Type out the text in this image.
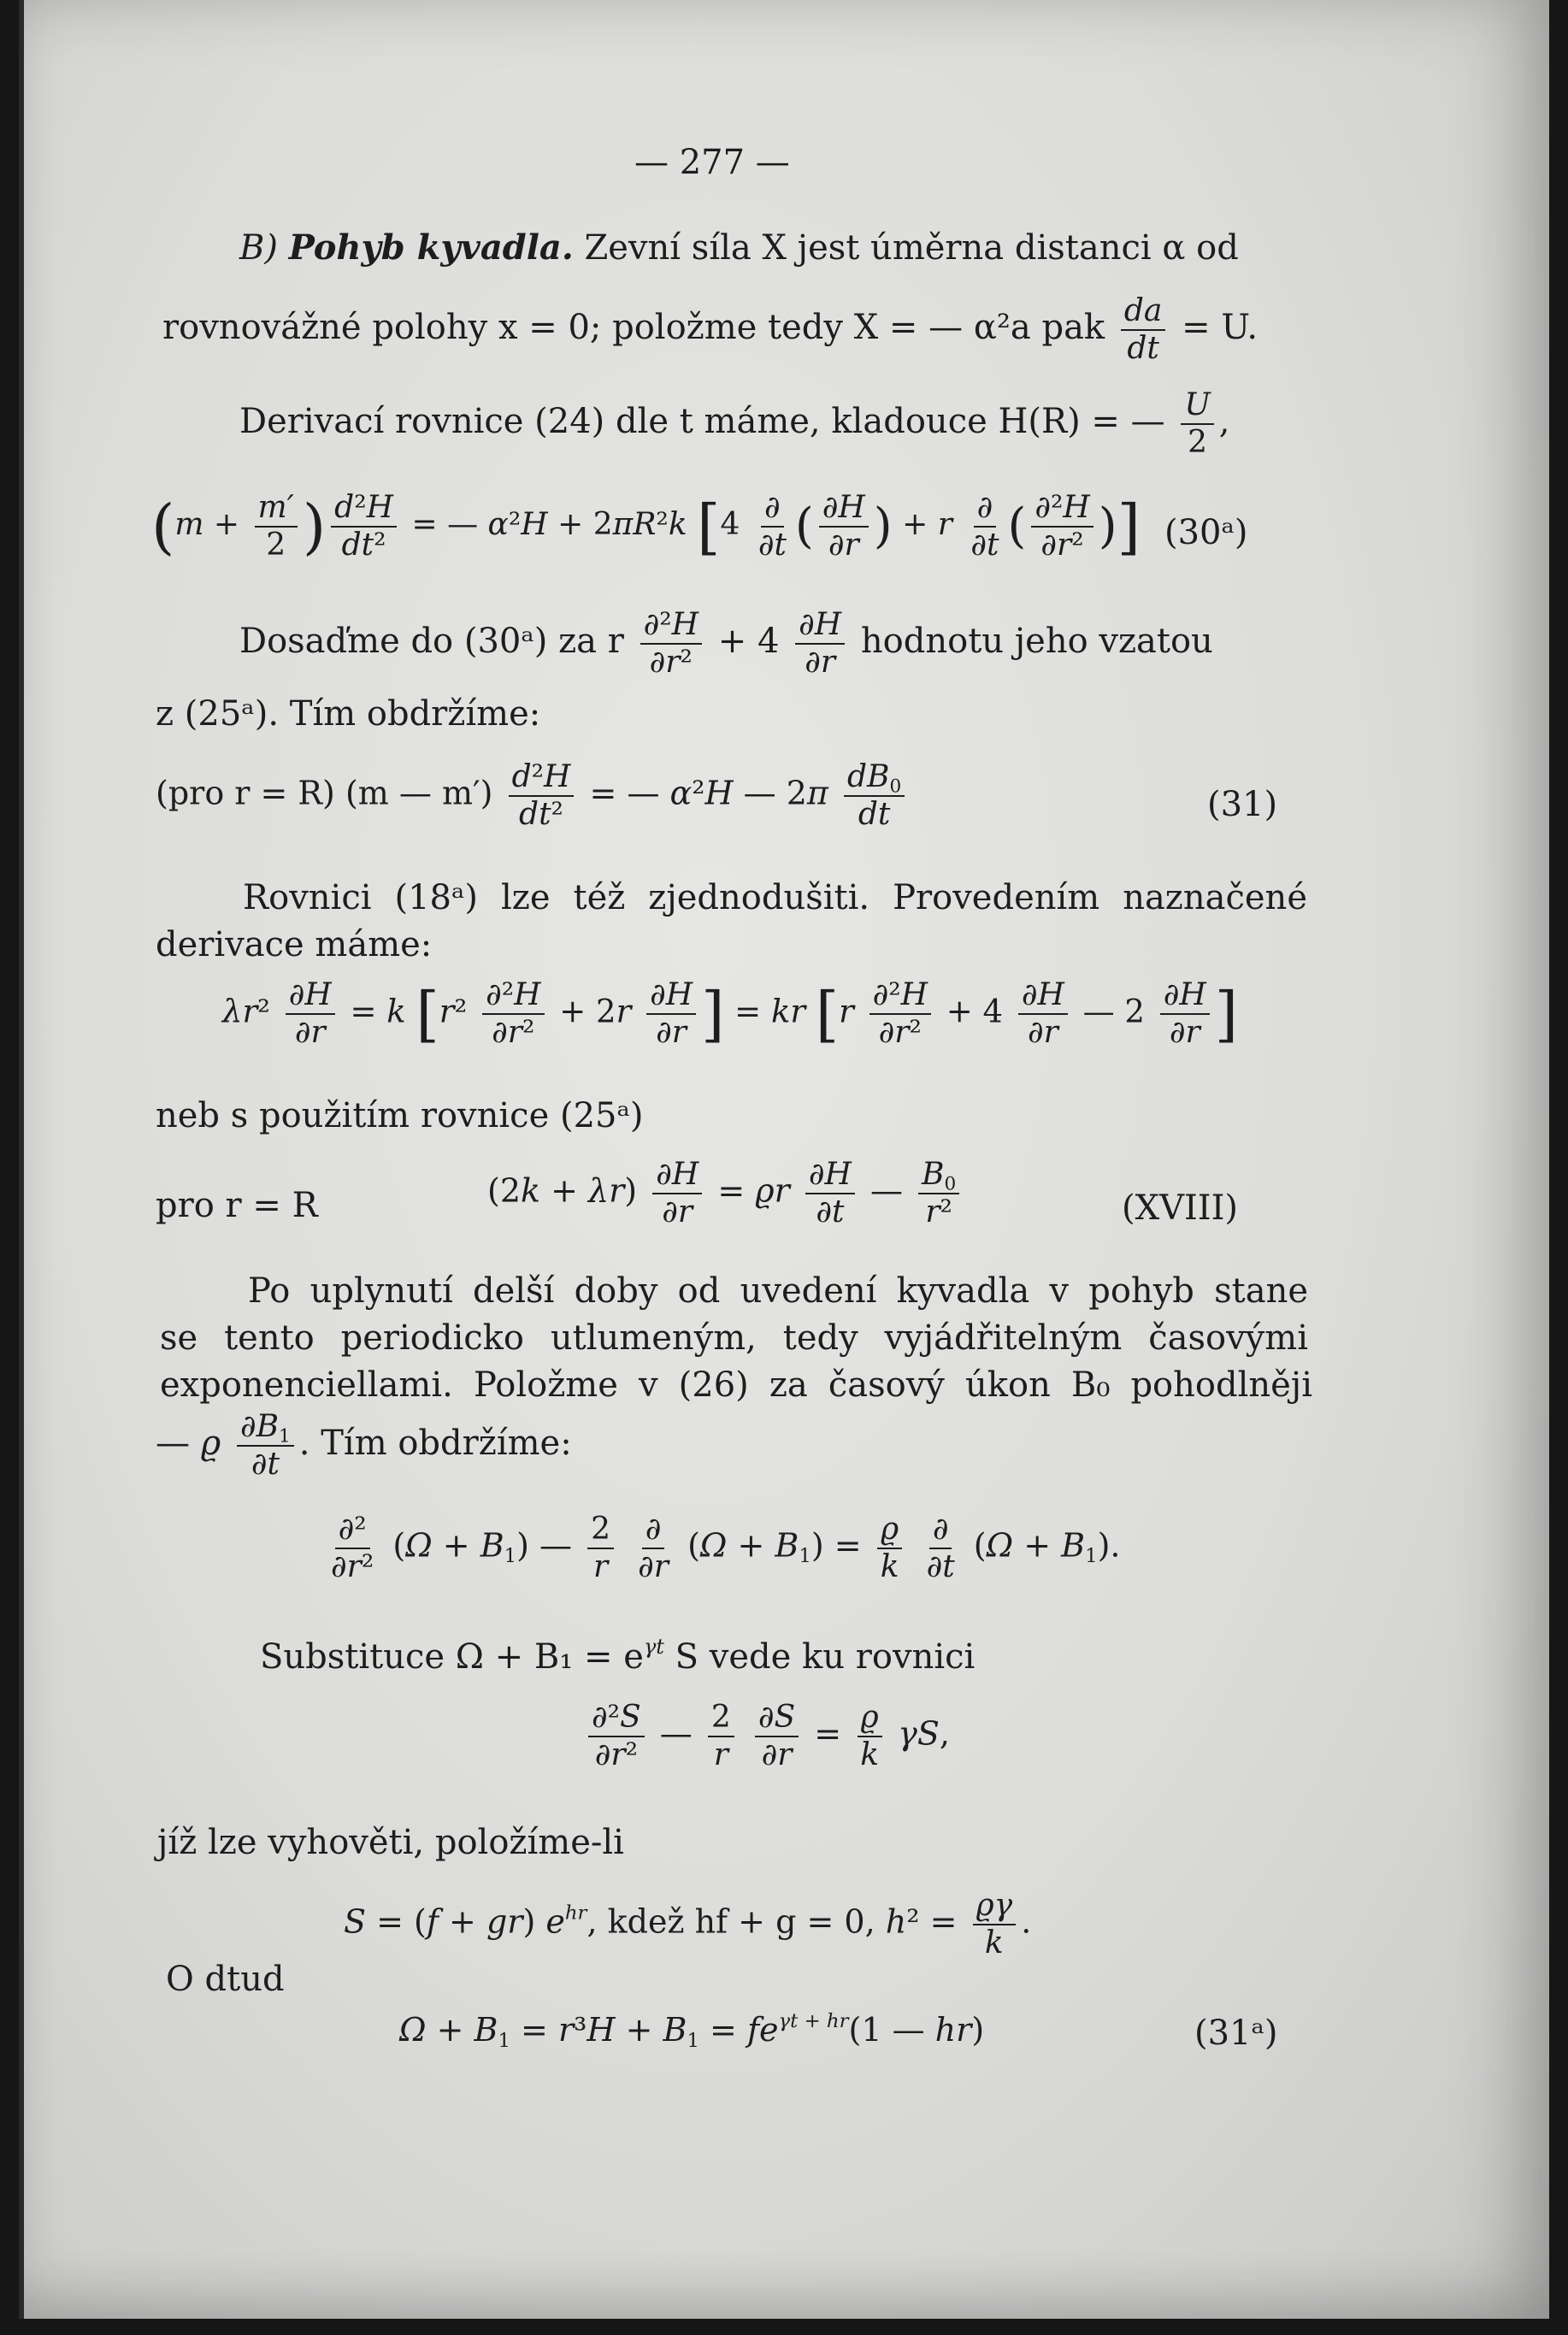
— 277 —
B) Pohyb kyvadla. Zevní síla X jest úměrna distanci α od
rovnovážné polohy x = 0; položme tedy X = — α²a pak $\frac{da}{dt} = U$.
Derivací rovnice (24) dle t máme, kladouce H(R) = — $\frac{U}{2}$ ,
($m + \frac{m'}{2}$ ) $\frac{\text{d²H}}{\text{dt²}}$ = — α²H + 2πR²k [$4 \frac{\partial}{\partial t}$ ( $\frac{\partial H}{\partial r}$ ) + r $\frac{\partial}{\partial t}$ ( $\frac{\text{∂²H}}{\text{∂r²}}$ )] (30ᵃ)
Dosaďme do (30ᵃ) za r $\frac{\text{∂²H}}{\text{∂r²}} + 4 \frac{\partial H}{\partial r}$ hodnotu jeho vzatou
z (25ᵃ). Tím obdržíme:
(pro r = R) (m — $m') \frac{\text{d²H}}{\text{dt²}}$ = — α²H — $2\pi \frac{dB_0}{dt}$	(31)
Rovnici (18ᵃ) lze též zjednodušiti. Provedením naznačené
derivace máme:
$\lambda r^2 \frac{\partial H}{\partial r} = k$ [$r^2 \frac{\text{∂²H}}{\text{∂r²}} + 2r \frac{\partial H}{\partial r}$ ] = kr [$r \frac{\text{∂²H}}{\text{∂r²}} + 4 \frac{\partial H}{\partial r}$ — $2 \frac{\partial H}{\partial r}$ ]
neb s použitím rovnice (25ᵃ)
pro r = R	$(2k + \lambda r) \frac{\partial H}{\partial r} = ϱr \frac{\partial H}{\partial t}$ — $\frac{B_0}{\text{r²}}$	(XVIII)
Po uplynutí delší doby od uvedení kyvadla v pohyb stane
se tento periodicko utlumeným, tedy vyjádřitelným časovými
exponenciellami. Položme v (26) za časový úkon B₀ pohodlněji
— ϱ $\frac{\partial B_1}{\partial t}$ . Tím obdržíme:
$\frac{\text{∂²}}{\text{∂r²}} (\Omega + B_1)$ — $\frac{2}{r}$
$\frac{\partial}{\partial r} (\Omega + B_1) = \frac{ϱ}{k}$
$\frac{\partial}{\partial t} (\Omega + B_1)$.
Substituce $\Omega + B_1 = e^{\gamma t}$ S vede ku rovnici
$\frac{\text{∂²S}}{\text{∂r²}}$ — $\frac{2}{r}$
$\frac{\partial S}{\partial r} = \frac{ϱ}{k} \gamma S$,
jíž lze vyhověti, položíme-li
S = (f + gr) $e^{hr}$, kdež hf + g = 0, $h^2 = \frac{ϱ\gamma}{k}$ .
O dtud
$\Omega + B_1 = r^3H + B_1 = fe^{\gamma t + hr}(1$ — hr)	(31ᵃ)
